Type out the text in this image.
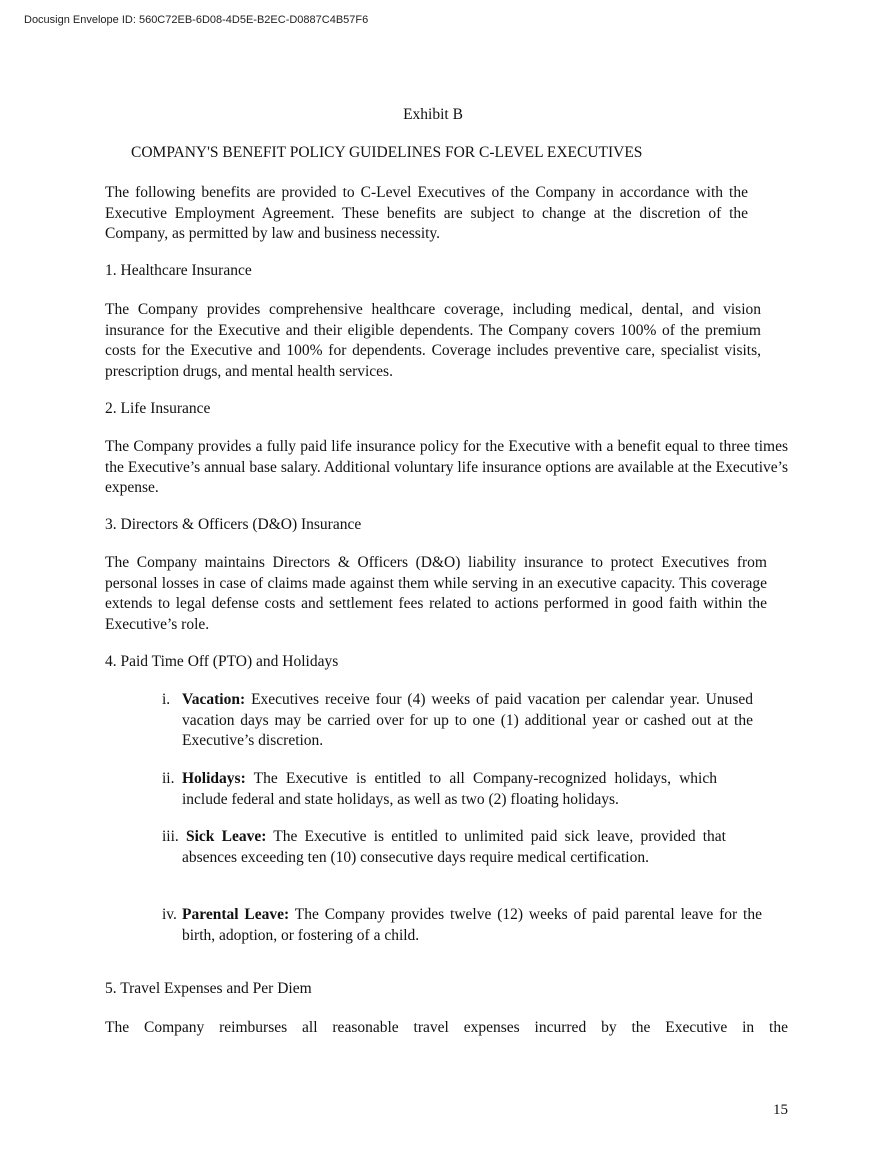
Docusign Envelope ID: 560C72EB-6D08-4D5E-B2EC-D0887C4B57F6
Exhibit B
COMPANY'S BENEFIT POLICY GUIDELINES FOR C-LEVEL EXECUTIVES

The following benefits are provided to C-Level Executives of the Company in accordance with the Executive Employment Agreement. These benefits are subject to change at the discretion of the Company, as permitted by law and business necessity.

1. Healthcare Insurance

The Company provides comprehensive healthcare coverage, including medical, dental, and vision insurance for the Executive and their eligible dependents. The Company covers 100% of the premium costs for the Executive and 100% for dependents. Coverage includes preventive care, specialist visits, prescription drugs, and mental health services.

2. Life Insurance

The Company provides a fully paid life insurance policy for the Executive with a benefit equal to three times the Executive’s annual base salary. Additional voluntary life insurance options are available at the Executive’s expense.

3. Directors & Officers (D&O) Insurance

The Company maintains Directors & Officers (D&O) liability insurance to protect Executives from personal losses in case of claims made against them while serving in an executive capacity. This coverage extends to legal defense costs and settlement fees related to actions performed in good faith within the Executive’s role.

4. Paid Time Off (PTO) and Holidays

i. Vacation: Executives receive four (4) weeks of paid vacation per calendar year. Unused vacation days may be carried over for up to one (1) additional year or cashed out at the Executive’s discretion.
ii. Holidays: The Executive is entitled to all Company-recognized holidays, which include federal and state holidays, as well as two (2) floating holidays.
iii. Sick Leave: The Executive is entitled to unlimited paid sick leave, provided that absences exceeding ten (10) consecutive days require medical certification.
iv. Parental Leave: The Company provides twelve (12) weeks of paid parental leave for the birth, adoption, or fostering of a child.

5. Travel Expenses and Per Diem

The Company reimburses all reasonable travel expenses incurred by the Executive in the

15
